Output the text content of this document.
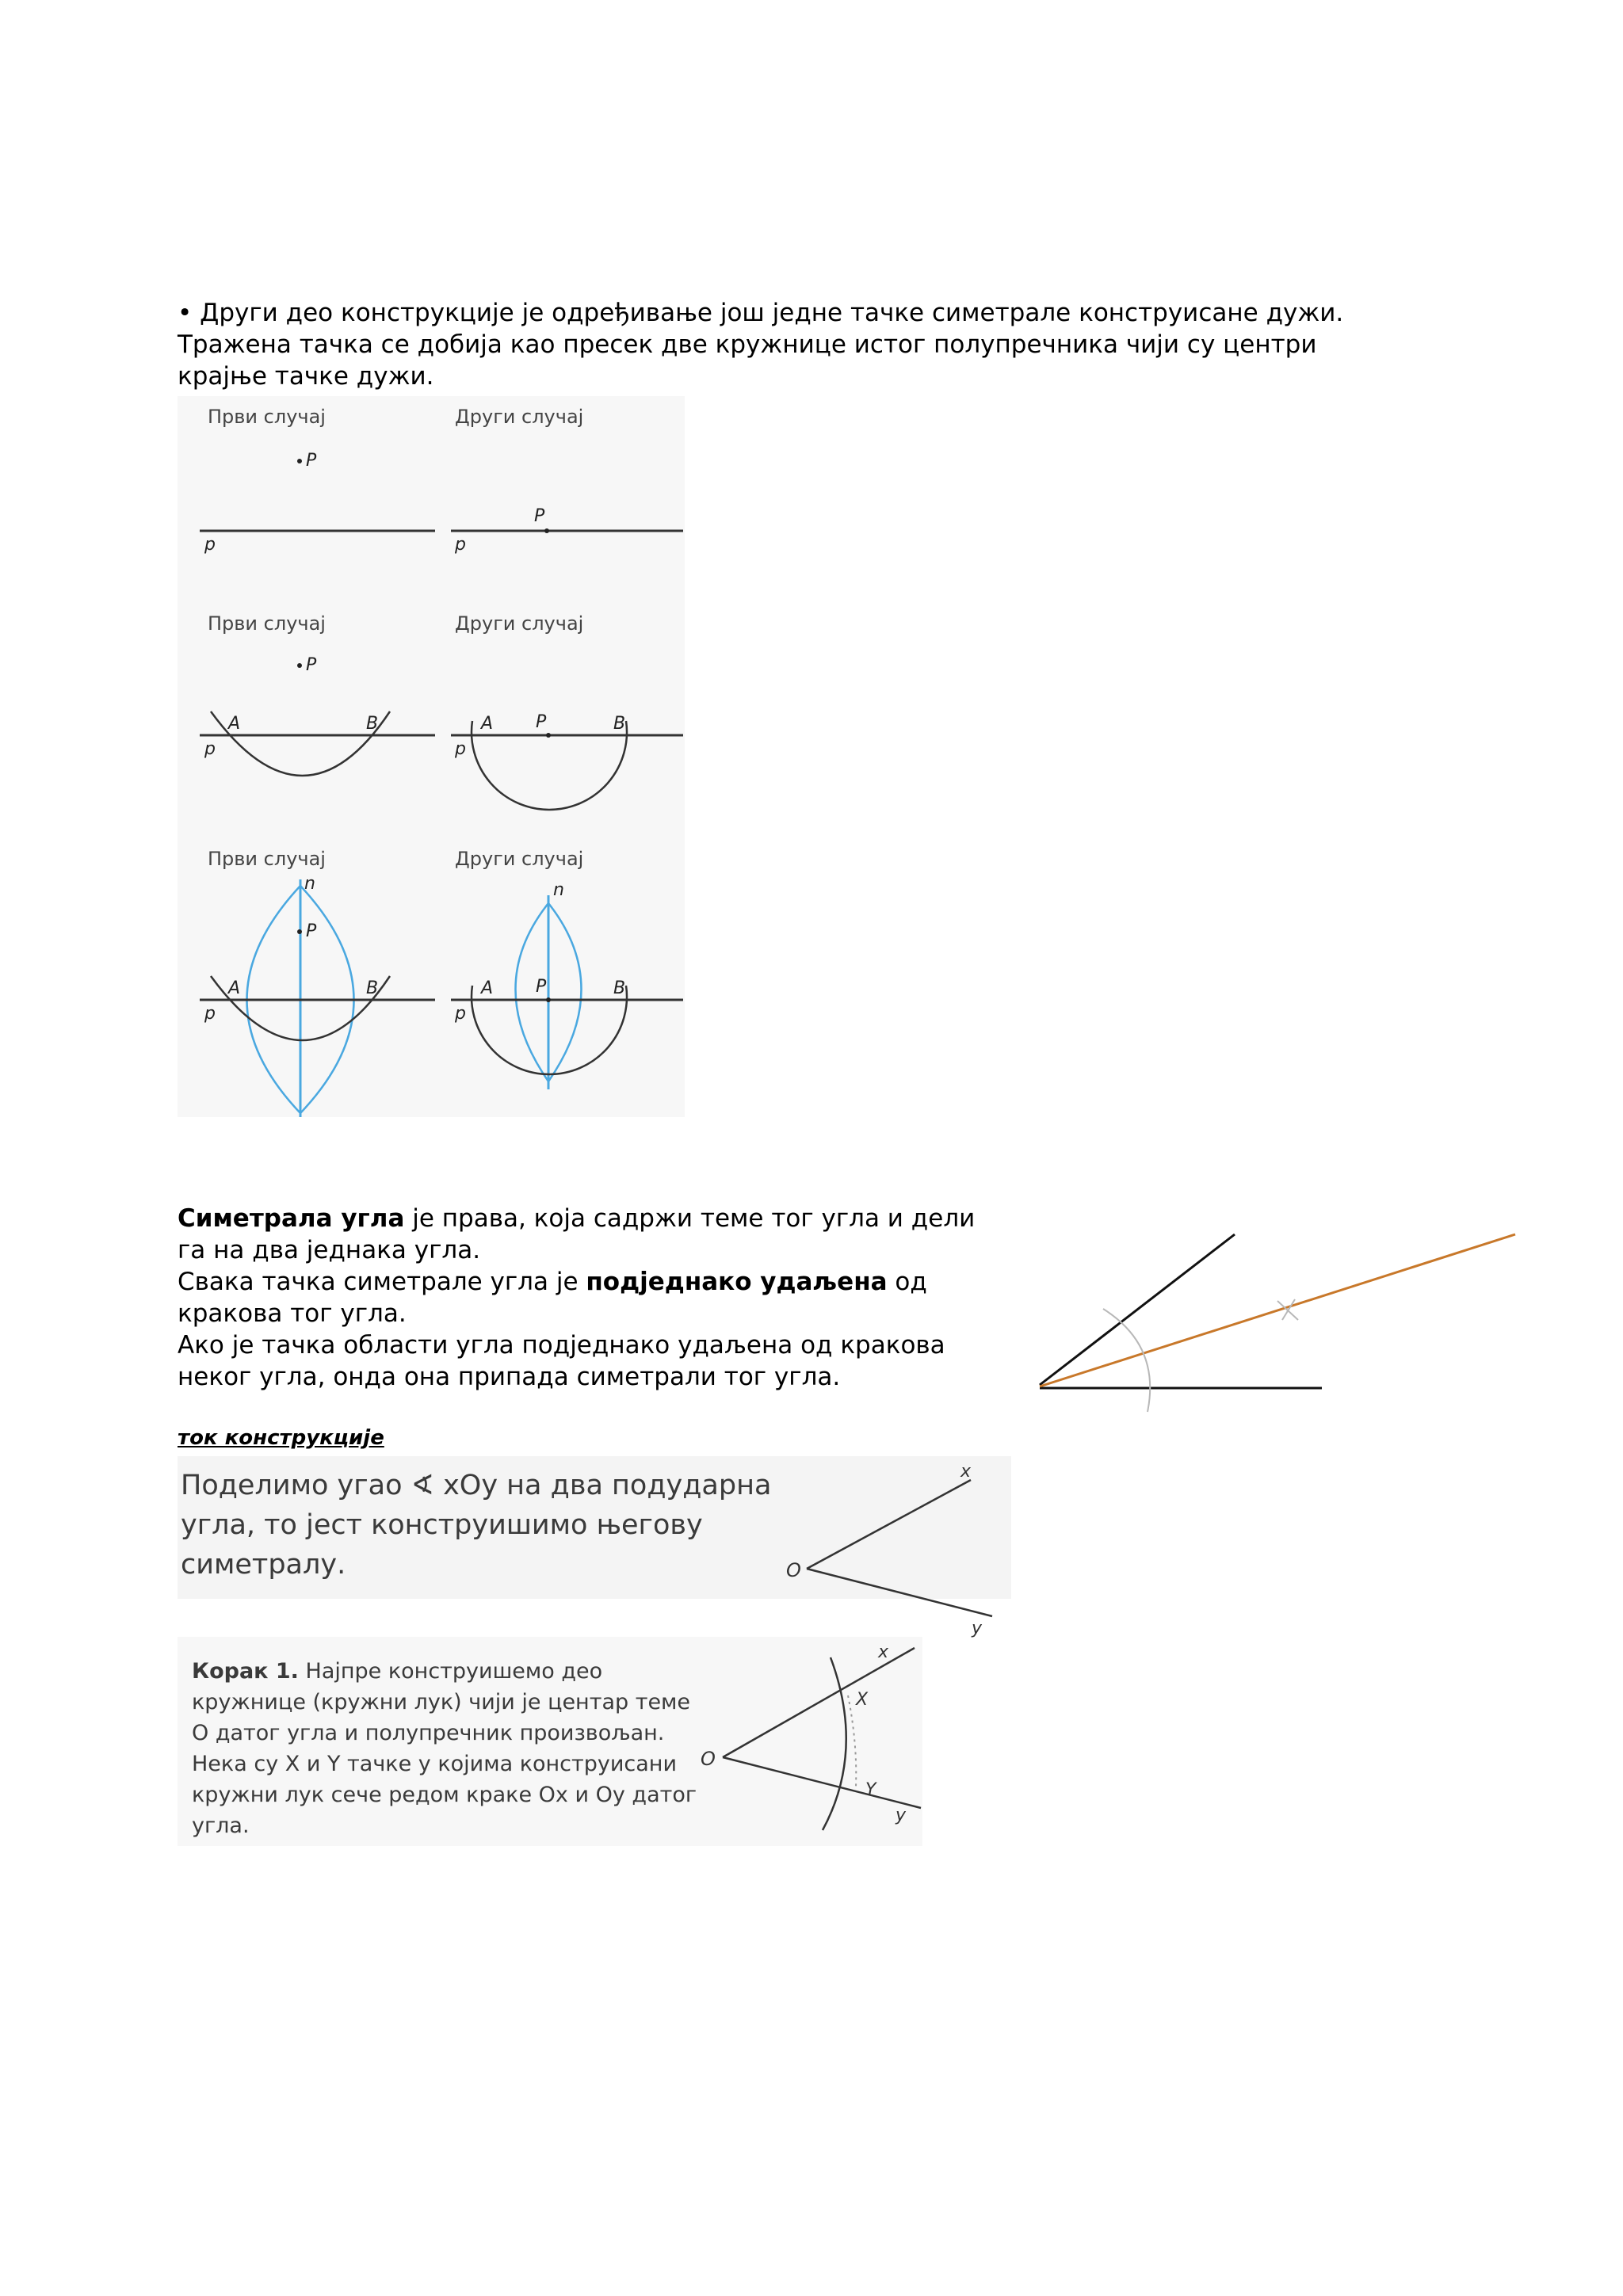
• Други део конструкције је одређивање још једне тачке симетрале конструисане дужи.
Тражена тачка се добија као пресек две кружнице истог полупречника чији су центри
крајње тачке дужи.
Први случај	Други случај
P
p
P
p
Први случај	Други случај
P
A	B
p
A P	B
p
Први случај	Други случај
P
n
A	B
p
n
A P	B
p
Симетрала угла је права, која садржи теме тог угла и дели
га на два једнака угла.
Свака тачка симетрале угла је подједнако удаљена од
кракова тог угла.
Ако је тачка области угла подједнако удаљена од кракова
неког угла, онда она припада симетрали тог угла.
ток конструкције
Поделимо угао ∢ xOy на два подударна
угла, то јест конструишимо његову
симетралу.	O
x
y
Корак 1. Најпре конструишемо део
кружнице (кружни лук) чији је центар теме
O датог угла и полупречник произвољан.
Нека су X и Y тачке у којима конструисани
кружни лук сече редом краке Ox и Oy датог
угла.
O
x
y
X
Y
